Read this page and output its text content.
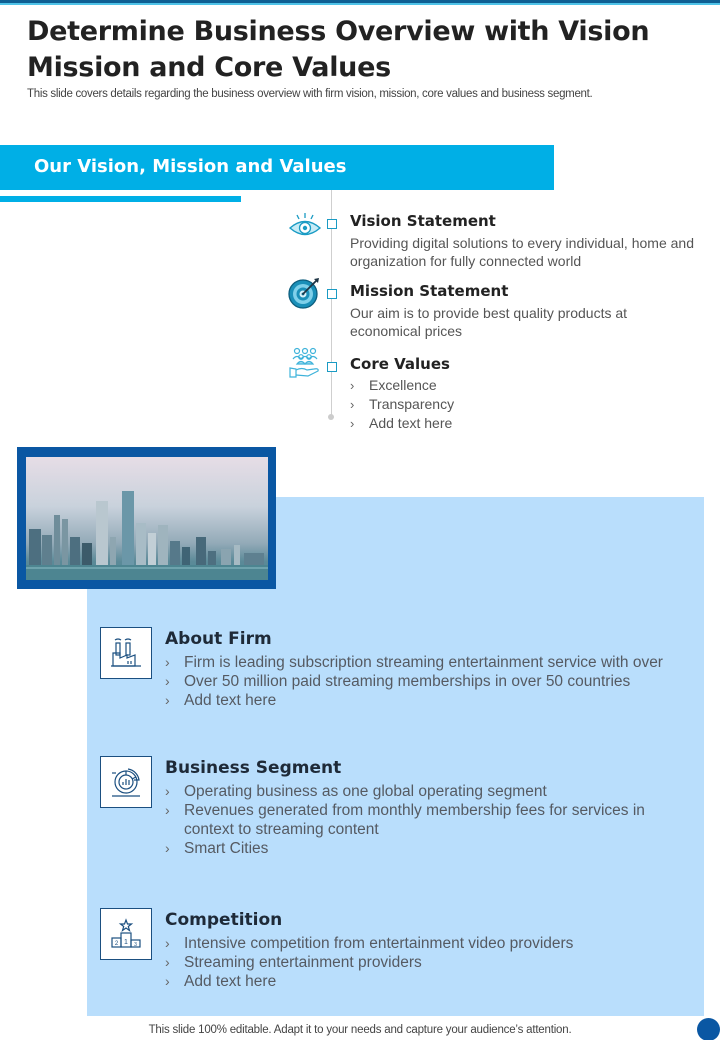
Determine Business Overview with Vision Mission and Core Values

This slide covers details regarding the business overview with firm vision, mission, core values and business segment.

Our Vision, Mission and Values
Vision Statement

Providing digital solutions to every individual, home and organization for fully connected world

Mission Statement

Our aim is to provide best quality products at economical prices

Core Values
› Excellence
› Transparency
› Add text here
About Firm
› Firm is leading subscription streaming entertainment service with over
› Over 50 million paid streaming memberships in over 50 countries
› Add text here
Business Segment
› Operating business as one global operating segment
› Revenues generated from monthly membership fees for services in context to streaming content
› Smart Cities
1
2	3
Competition
› Intensive competition from entertainment video providers
› Streaming entertainment providers
› Add text here

This slide 100% editable. Adapt it to your needs and capture your audience’s attention.
